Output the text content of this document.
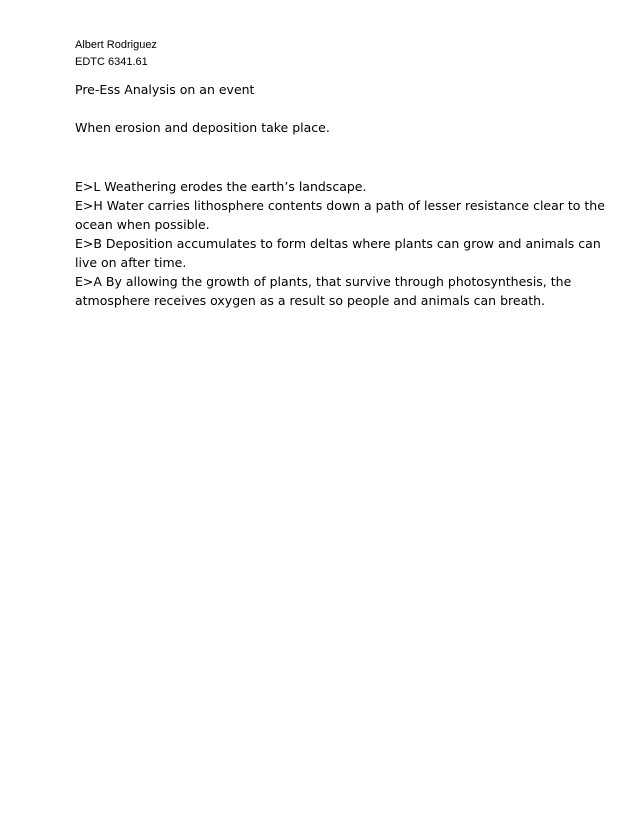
Albert Rodriguez
EDTC 6341.61
Pre-Ess Analysis on an event
When erosion and deposition take place.
E>L Weathering erodes the earth’s landscape.
E>H Water carries lithosphere contents down a path of lesser resistance clear to the
ocean when possible.
E>B Deposition accumulates to form deltas where plants can grow and animals can
live on after time.
E>A By allowing the growth of plants, that survive through photosynthesis, the
atmosphere receives oxygen as a result so people and animals can breath.
